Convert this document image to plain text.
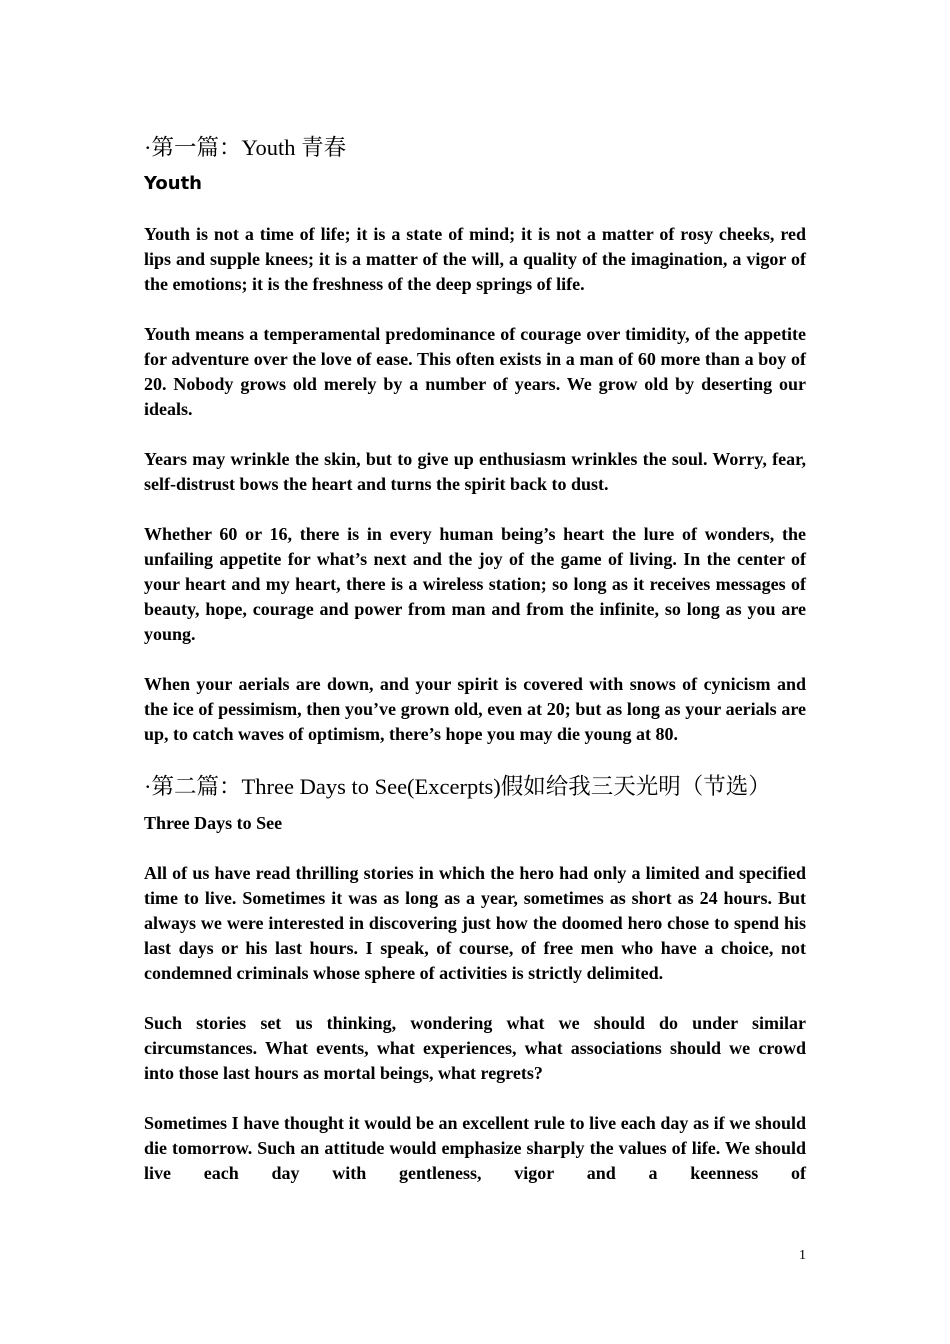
·第一篇：Youth 青春
Youth

Youth is not a time of life; it is a state of mind; it is not a matter of rosy cheeks, red lips and supple knees; it is a matter of the will, a quality of the imagination, a vigor of the emotions; it is the freshness of the deep springs of life.

Youth means a temperamental predominance of courage over timidity, of the appetite for adventure over the love of ease. This often exists in a man of 60 more than a boy of 20. Nobody grows old merely by a number of years. We grow old by deserting our ideals.

Years may wrinkle the skin, but to give up enthusiasm wrinkles the soul. Worry, fear, self-distrust bows the heart and turns the spirit back to dust.

Whether 60 or 16, there is in every human being’s heart the lure of wonders, the unfailing appetite for what’s next and the joy of the game of living. In the center of your heart and my heart, there is a wireless station; so long as it receives messages of beauty, hope, courage and power from man and from the infinite, so long as you are young.

When your aerials are down, and your spirit is covered with snows of cynicism and the ice of pessimism, then you’ve grown old, even at 20; but as long as your aerials are up, to catch waves of optimism, there’s hope you may die young at 80.

·第二篇：Three Days to See(Excerpts)假如给我三天光明（节选）
Three Days to See

All of us have read thrilling stories in which the hero had only a limited and specified time to live. Sometimes it was as long as a year, sometimes as short as 24 hours. But always we were interested in discovering just how the doomed hero chose to spend his last days or his last hours. I speak, of course, of free men who have a choice, not condemned criminals whose sphere of activities is strictly delimited.

Such stories set us thinking, wondering what we should do under similar circumstances. What events, what experiences, what associations should we crowd into those last hours as mortal beings, what regrets?

Sometimes I have thought it would be an excellent rule to live each day as if we should die tomorrow. Such an attitude would emphasize sharply the values of life. We should live each day with gentleness, vigor and a keenness of

1
